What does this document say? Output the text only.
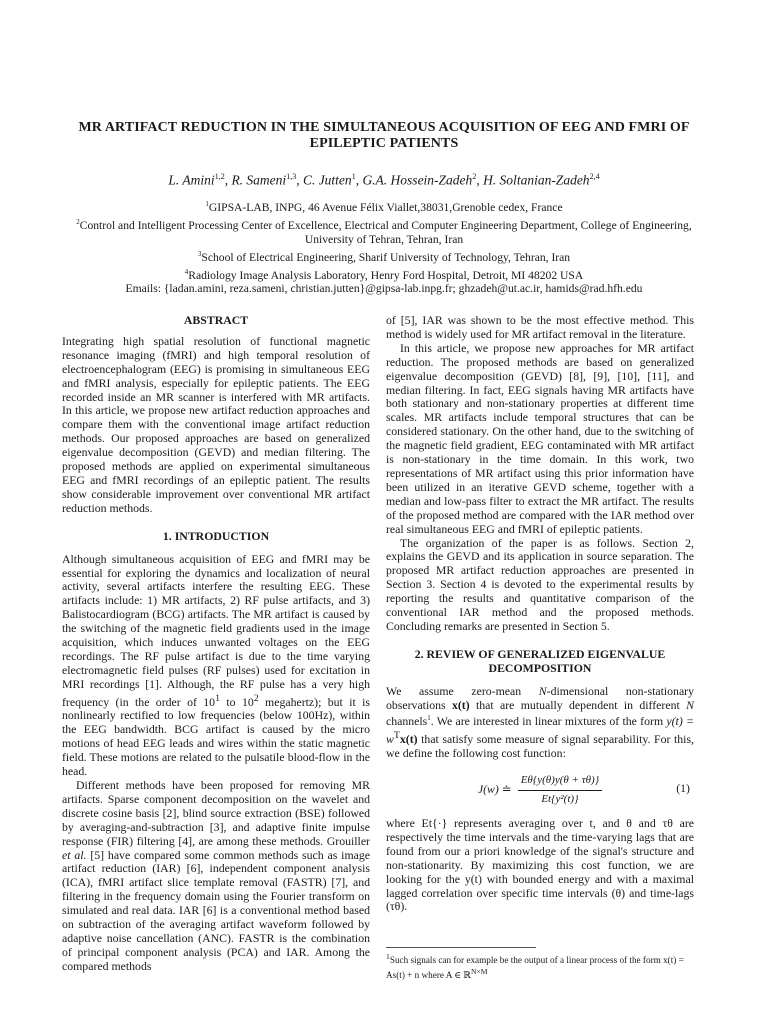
MR ARTIFACT REDUCTION IN THE SIMULTANEOUS ACQUISITION OF EEG AND FMRI OF EPILEPTIC PATIENTS
L. Amini$^{1,2}$, R. Sameni$^{1,3}$, C. Jutten$^1$, G.A. Hossein-Zadeh$^2$, H. Soltanian-Zadeh$^{2,4}$
$^1$GIPSA-LAB, INPG, 46 Avenue Félix Viallet,38031,Grenoble cedex, France
$^2$Control and Intelligent Processing Center of Excellence, Electrical and Computer Engineering Department, College of Engineering, University of Tehran, Tehran, Iran
$^3$School of Electrical Engineering, Sharif University of Technology, Tehran, Iran
$^4$Radiology Image Analysis Laboratory, Henry Ford Hospital, Detroit, MI 48202 USA
Emails: {ladan.amini, reza.sameni, christian.jutten}@gipsa-lab.inpg.fr; ghzadeh@ut.ac.ir, hamids@rad.hfh.edu

ABSTRACT

Integrating high spatial resolution of functional magnetic resonance imaging (fMRI) and high temporal resolution of electroencephalogram (EEG) is promising in simultaneous EEG and fMRI analysis, especially for epileptic patients. The EEG recorded inside an MR scanner is interfered with MR artifacts. In this article, we propose new artifact reduction approaches and compare them with the conventional image artifact reduction methods. Our proposed approaches are based on generalized eigenvalue decomposition (GEVD) and median filtering. The proposed methods are applied on experimental simultaneous EEG and fMRI recordings of an epileptic patient. The results show considerable improvement over conventional MR artifact reduction methods.

1. INTRODUCTION

Although simultaneous acquisition of EEG and fMRI may be essential for exploring the dynamics and localization of neural activity, several artifacts interfere the resulting EEG. These artifacts include: 1) MR artifacts, 2) RF pulse artifacts, and 3) Balistocardiogram (BCG) artifacts. The MR artifact is caused by the switching of the magnetic field gradients used in the image acquisition, which induces unwanted voltages on the EEG recordings. The RF pulse artifact is due to the time varying electromagnetic field pulses (RF pulses) used for excitation in MRI recordings [1]. Although, the RF pulse has a very high frequency (in the order of $10^1$ to $10^2$ megahertz); but it is nonlinearly rectified to low frequencies (below 100Hz), within the EEG bandwidth. BCG artifact is caused by the micro motions of head EEG leads and wires within the static magnetic field. These motions are related to the pulsatile blood-flow in the head.

Different methods have been proposed for removing MR artifacts. Sparse component decomposition on the wavelet and discrete cosine basis [2], blind source extraction (BSE) followed by averaging-and-subtraction [3], and adaptive finite impulse response (FIR) filtering [4], are among these methods. Grouiller et al. [5] have compared some common methods such as image artifact reduction (IAR) [6], independent component analysis (ICA), fMRI artifact slice template removal (FASTR) [7], and filtering in the frequency domain using the Fourier transform on simulated and real data. IAR [6] is a conventional method based on subtraction of the averaging artifact waveform followed by adaptive noise cancellation (ANC). FASTR is the combination of principal component analysis (PCA) and IAR. Among the compared methods

of [5], IAR was shown to be the most effective method. This method is widely used for MR artifact removal in the literature.

In this article, we propose new approaches for MR artifact reduction. The proposed methods are based on generalized eigenvalue decomposition (GEVD) [8], [9], [10], [11], and median filtering. In fact, EEG signals having MR artifacts have both stationary and non-stationary properties at different time scales. MR artifacts include temporal structures that can be considered stationary. On the other hand, due to the switching of the magnetic field gradient, EEG contaminated with MR artifact is non-stationary in the time domain. In this work, two representations of MR artifact using this prior information have been utilized in an iterative GEVD scheme, together with a median and low-pass filter to extract the MR artifact. The results of the proposed method are compared with the IAR method over real simultaneous EEG and fMRI of epileptic patients.

The organization of the paper is as follows. Section 2, explains the GEVD and its application in source separation. The proposed MR artifact reduction approaches are presented in Section 3. Section 4 is devoted to the experimental results by reporting the results and quantitative comparison of the conventional IAR method and the proposed methods. Concluding remarks are presented in Section 5.

2. REVIEW OF GENERALIZED EIGENVALUE DECOMPOSITION

We assume zero-mean N-dimensional non-stationary observations x(t) that are mutually dependent in different N channels$^1$. We are interested in linear mixtures of the form $y(t) = w^Tx(t)$ that satisfy some measure of signal separability. For this, we define the following cost function:

J(w) ≐ $\frac{E\theta\{y(\theta)y(\theta + \tau\theta)\}}{\text{Et\{y²(t)\}}}$	(1)

where Et{·} represents averaging over t, and θ and τθ are respectively the time intervals and the time-varying lags that are found from our a priori knowledge of the signal's structure and non-stationarity. By maximizing this cost function, we are looking for the y(t) with bounded energy and with a maximal lagged correlation over specific time intervals (θ) and time-lags (τθ).

$^1$Such signals can for example be the output of a linear process of the form x(t) = As(t) + n where A ∈ ℝ$^{N\times M}$
